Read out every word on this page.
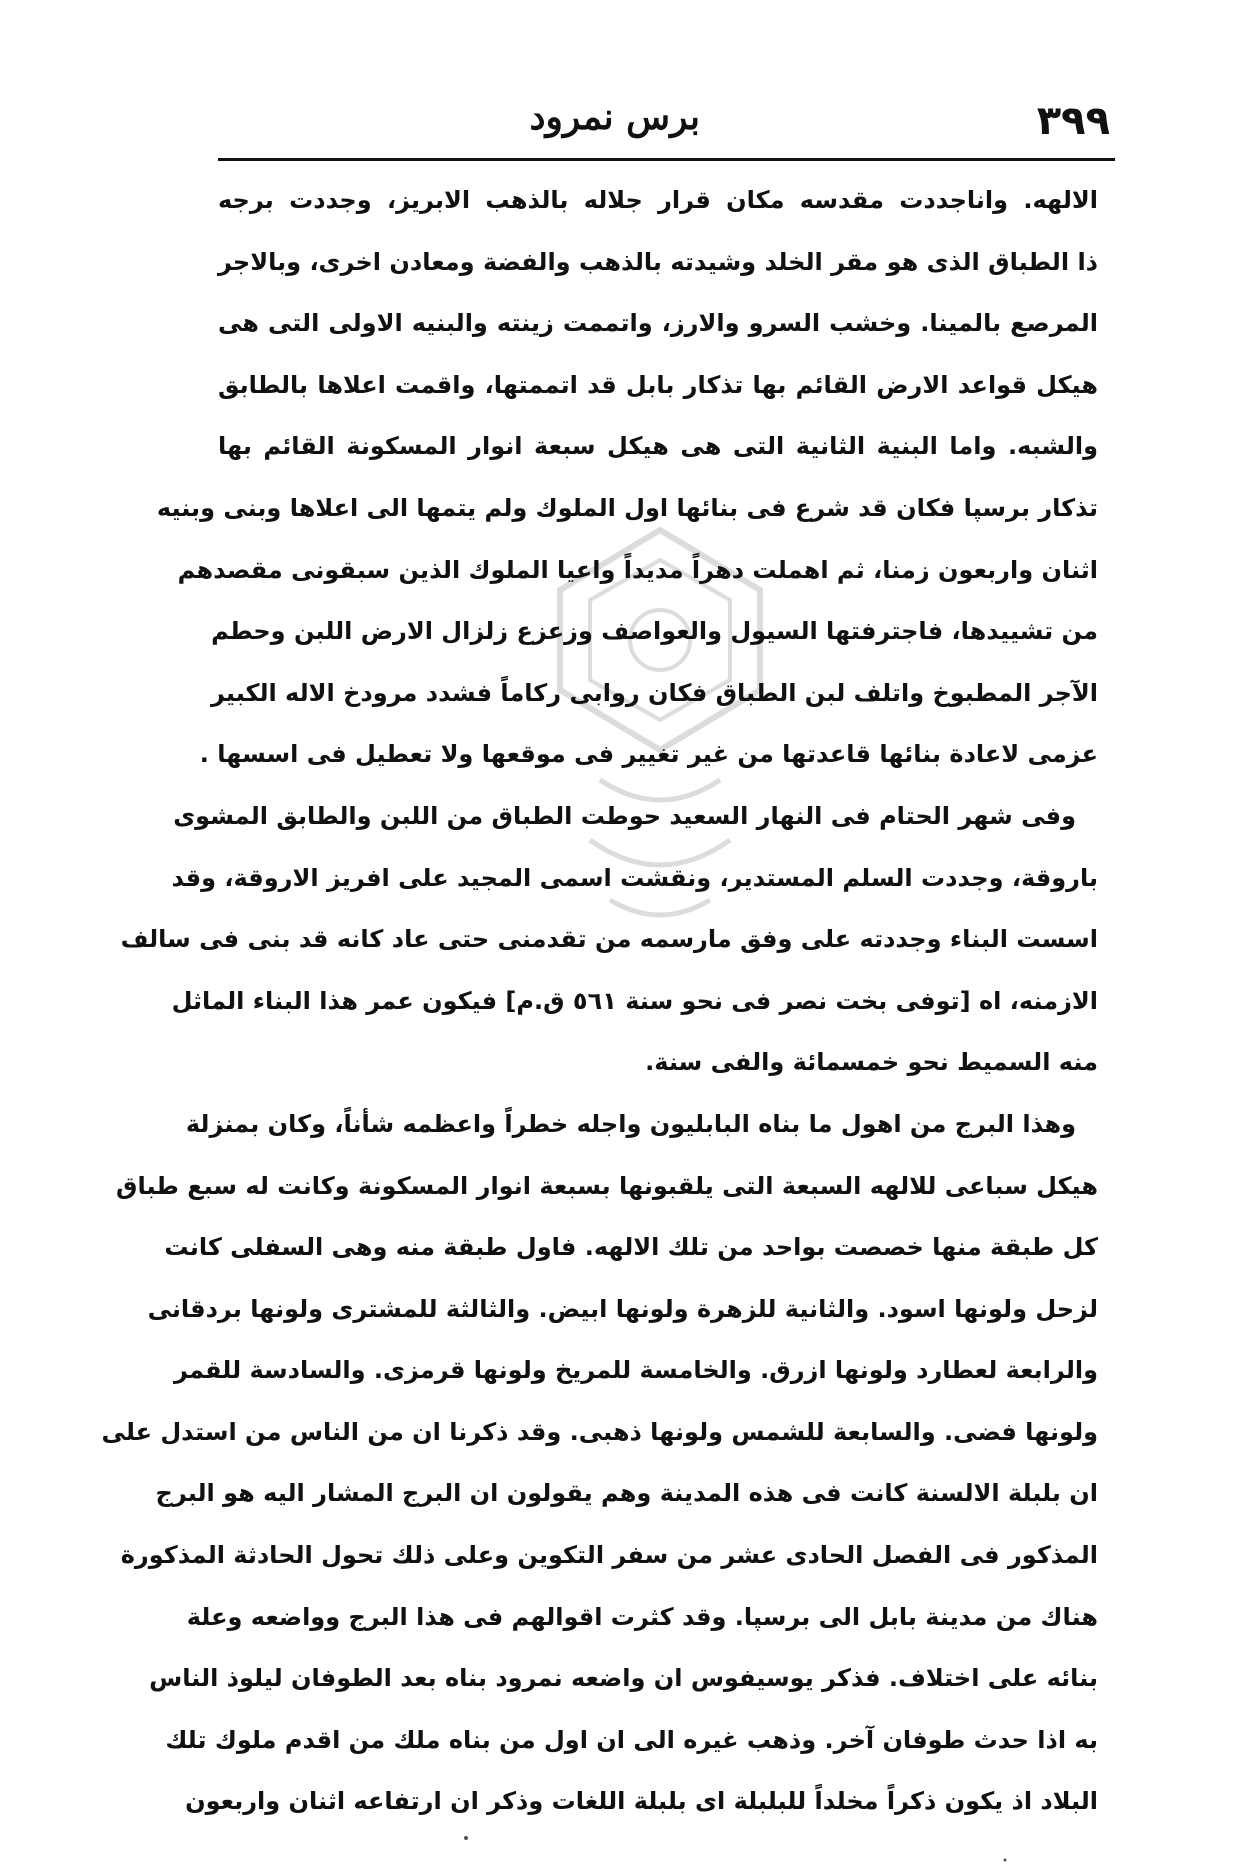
٣٩٩
برس نمرود
الالهه. واناجددت مقدسه مكان قرار جلاله بالذهب الابريز، وجددت برجه
ذا الطباق الذى هو مقر الخلد وشيدته بالذهب والفضة ومعادن اخرى، وبالاجر
المرصع بالمينا. وخشب السرو والارز، واتممت زينته والبنيه الاولى التى هى
هيكل قواعد الارض القائم بها تذكار بابل قد اتممتها، واقمت اعلاها بالطابق
والشبه. واما البنية الثانية التى هى هيكل سبعة انوار المسكونة القائم بها
تذكار برسپا فكان قد شرع فى بنائها اول الملوك ولم يتمها الى اعلاها وبنى وبنيه
اثنان واربعون زمنا، ثم اهملت دهراً مديداً واعيا الملوك الذين سبقونى مقصدهم
من تشييدها، فاجترفتها السيول والعواصف وزعزع زلزال الارض اللبن وحطم
الآجر المطبوخ واتلف لبن الطباق فكان روابى ركاماً فشدد مرودخ الاله الكبير
عزمى لاعادة بنائها قاعدتها من غير تغيير فى موقعها ولا تعطيل فى اسسها .
وفى شهر الحتام فى النهار السعيد حوطت الطباق من اللبن والطابق المشوى
باروقة، وجددت السلم المستدير، ونقشت اسمى المجيد على افريز الاروقة، وقد
اسست البناء وجددته على وفق مارسمه من تقدمنى حتى عاد كانه قد بنى فى سالف
الازمنه، اه [توفى بخت نصر فى نحو سنة ٥٦١ ق.م] فيكون عمر هذا البناء الماثل
منه السميط نحو خمسمائة والفى سنة.
وهذا البرج من اهول ما بناه البابليون واجله خطراً واعظمه شأناً، وكان بمنزلة
هيكل سباعى للالهه السبعة التى يلقبونها بسبعة انوار المسكونة وكانت له سبع طباق
كل طبقة منها خصصت بواحد من تلك الالهه. فاول طبقة منه وهى السفلى كانت
لزحل ولونها اسود. والثانية للزهرة ولونها ابيض. والثالثة للمشترى ولونها بردقانى
والرابعة لعطارد ولونها ازرق. والخامسة للمريخ ولونها قرمزى. والسادسة للقمر
ولونها فضى. والسابعة للشمس ولونها ذهبى. وقد ذكرنا ان من الناس من استدل على
ان بلبلة الالسنة كانت فى هذه المدينة وهم يقولون ان البرج المشار اليه هو البرج
المذكور فى الفصل الحادى عشر من سفر التكوين وعلى ذلك تحول الحادثة المذكورة
هناك من مدينة بابل الى برسپا. وقد كثرت اقوالهم فى هذا البرج وواضعه وعلة
بنائه على اختلاف. فذكر يوسيفوس ان واضعه نمرود بناه بعد الطوفان ليلوذ الناس
به اذا حدث طوفان آخر. وذهب غيره الى ان اول من بناه ملك من اقدم ملوك تلك
البلاد اذ يكون ذكراً مخلداً للبلبلة اى بلبلة اللغات وذكر ان ارتفاعه اثنان واربعون
